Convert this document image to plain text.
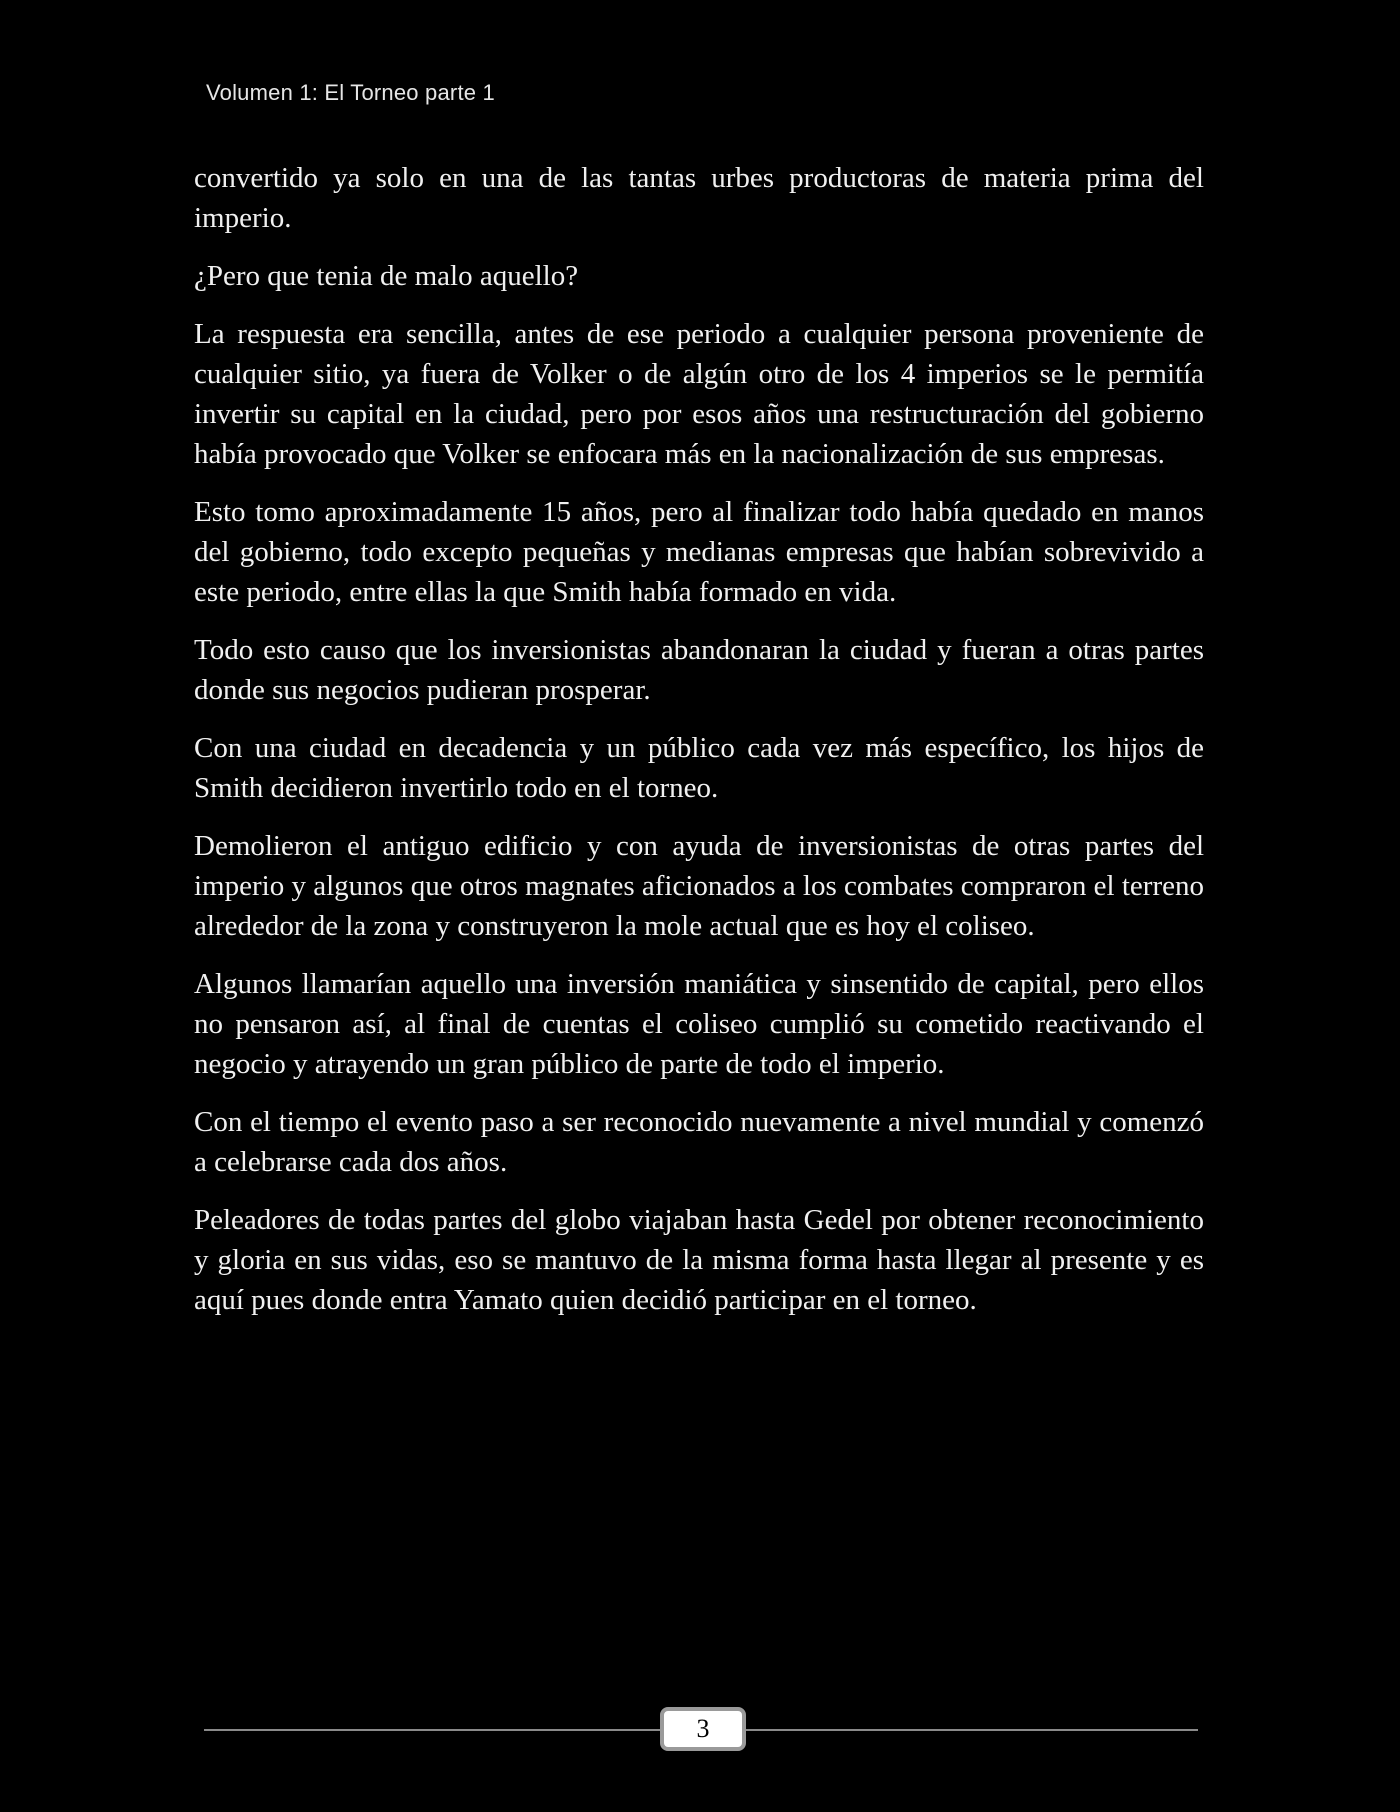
Volumen 1: El Torneo parte 1

convertido ya solo en una de las tantas urbes productoras de materia prima del imperio.

¿Pero que tenia de malo aquello?

La respuesta era sencilla, antes de ese periodo a cualquier persona proveniente de cualquier sitio, ya fuera de Volker o de algún otro de los 4 imperios se le permitía invertir su capital en la ciudad, pero por esos años una restructuración del gobierno había provocado que Volker se enfocara más en la nacionalización de sus empresas.

Esto tomo aproximadamente 15 años, pero al finalizar todo había quedado en manos del gobierno, todo excepto pequeñas y medianas empresas que habían sobrevivido a este periodo, entre ellas la que Smith había formado en vida.

Todo esto causo que los inversionistas abandonaran la ciudad y fueran a otras partes donde sus negocios pudieran prosperar.

Con una ciudad en decadencia y un público cada vez más específico, los hijos de Smith decidieron invertirlo todo en el torneo.

Demolieron el antiguo edificio y con ayuda de inversionistas de otras partes del imperio y algunos que otros magnates aficionados a los combates compraron el terreno alrededor de la zona y construyeron la mole actual que es hoy el coliseo.

Algunos llamarían aquello una inversión maniática y sinsentido de capital, pero ellos no pensaron así, al final de cuentas el coliseo cumplió su cometido reactivando el negocio y atrayendo un gran público de parte de todo el imperio.

Con el tiempo el evento paso a ser reconocido nuevamente a nivel mundial y comenzó a celebrarse cada dos años.

Peleadores de todas partes del globo viajaban hasta Gedel por obtener reconocimiento y gloria en sus vidas, eso se mantuvo de la misma forma hasta llegar al presente y es aquí pues donde entra Yamato quien decidió participar en el torneo.

3
